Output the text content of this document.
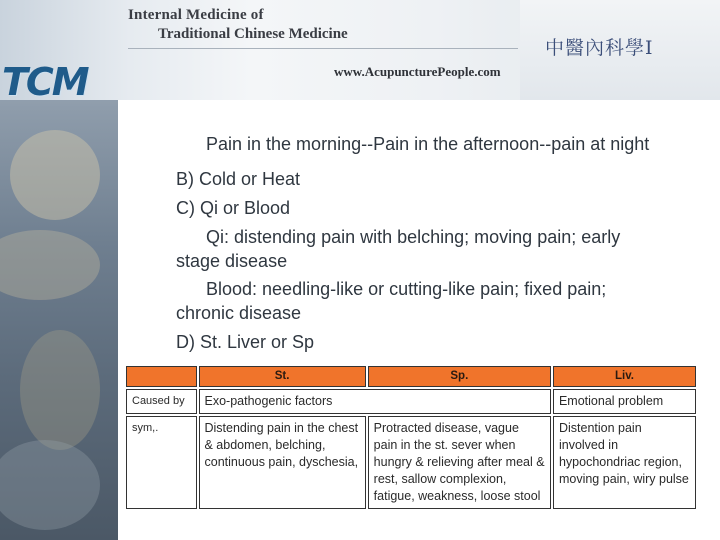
TCM
Internal Medicine of
Traditional Chinese Medicine
www.AcupuncturePeople.com
中醫內科學Ⅰ
Pain in the morning--Pain in the afternoon--pain at night
B) Cold or Heat
C) Qi or Blood
Qi: distending pain with belching; moving pain; early
stage disease
Blood: needling-like or cutting-like pain; fixed pain;
chronic disease
D) St. Liver or Sp
	St.	Sp.	Liv.
Caused by	Exo-pathogenic factors		Emotional problem
sym,.	Distending pain in the chest & abdomen, belching, continuous pain, dyschesia,	Protracted disease, vague pain in the st. sever when hungry & relieving after meal & rest, sallow complexion, fatigue, weakness, loose stool	Distention pain involved in hypochondriac region, moving pain, wiry pulse
